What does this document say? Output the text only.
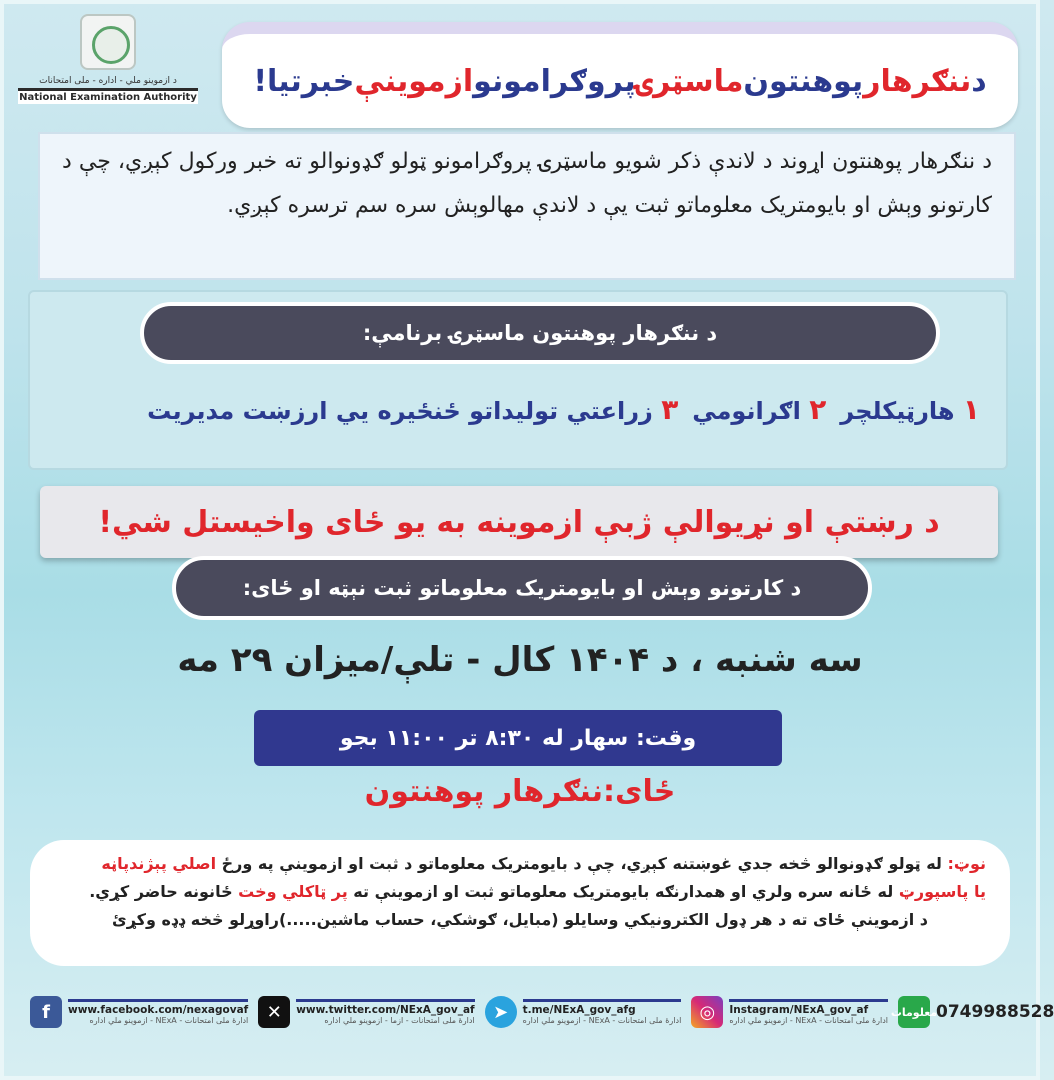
د ازموینو ملي - اداره - ملی امتحانات
National Examination Authority	د
ننګرهار
پوهنتون
ماسټرۍ
پروګرامونو
ازموینې
خبرتیا!
د ننګرهار پوهنتون اړوند د لاندې ذکر شویو ماسټرۍ پروګرامونو ټولو ګډونوالو ته خبر ورکول کېږي، چې د کارتونو وېش او بایومتریک معلوماتو ثبت یې د لاندې مهالوېش سره سم ترسره کېږي.
د ننګرهار پوهنتون ماسټرۍ برنامې:
۱ هارټيکلچر
۲ اګرانومي
۳ زراعتي توليداتو ځنځيره يي ارزښت مديريت
د رښتې او نړيوالې ژبې ازموینه به یو ځای واخیستل شي!
د کارتونو وېش او بایومتریک معلوماتو ثبت نېټه او ځای:
سه شنبه ، د ۱۴۰۴ کال - تلې/میزان ۲۹ مه
وقت: سهار له ۸:۳۰ تر ۱۱:۰۰ بجو
ځای:ننګرهار پوهنتون
نوټ: له ټولو ګډونوالو څخه جدي غوښتنه کېږي، چې د بایومتریک معلوماتو د ثبت او ازموینې په ورځ اصلي پېژندپاڼه
یا پاسپورټ له ځانه سره ولري او همدارنګه بایومتریک معلوماتو ثبت او ازموینې ته پر ټاکلي وخت ځانونه حاضر کړي.
د ازموینې ځای ته د هر ډول الکترونیکي وسایلو (مبایل، ګوشکي، حساب ماشین.....)راوړلو څخه ډډه وکړئ
f	www.facebook.com/nexagovaf
ادارهٔ ملی امتحانات - NExA - ازموینو ملي اداره	✕	www.twitter.com/NExA_gov_af
ادارهٔ ملی امتحانات - ازما - ازموینو ملي اداره	➤	t.me/NExA_gov_afg
ادارهٔ ملی امتحانات - NExA - ازموینو ملي اداره	◎	Instagram/NExA_gov_af
ادارهٔ ملی امتحانات - NExA - ازموینو ملي اداره
معلومات
0749988528
